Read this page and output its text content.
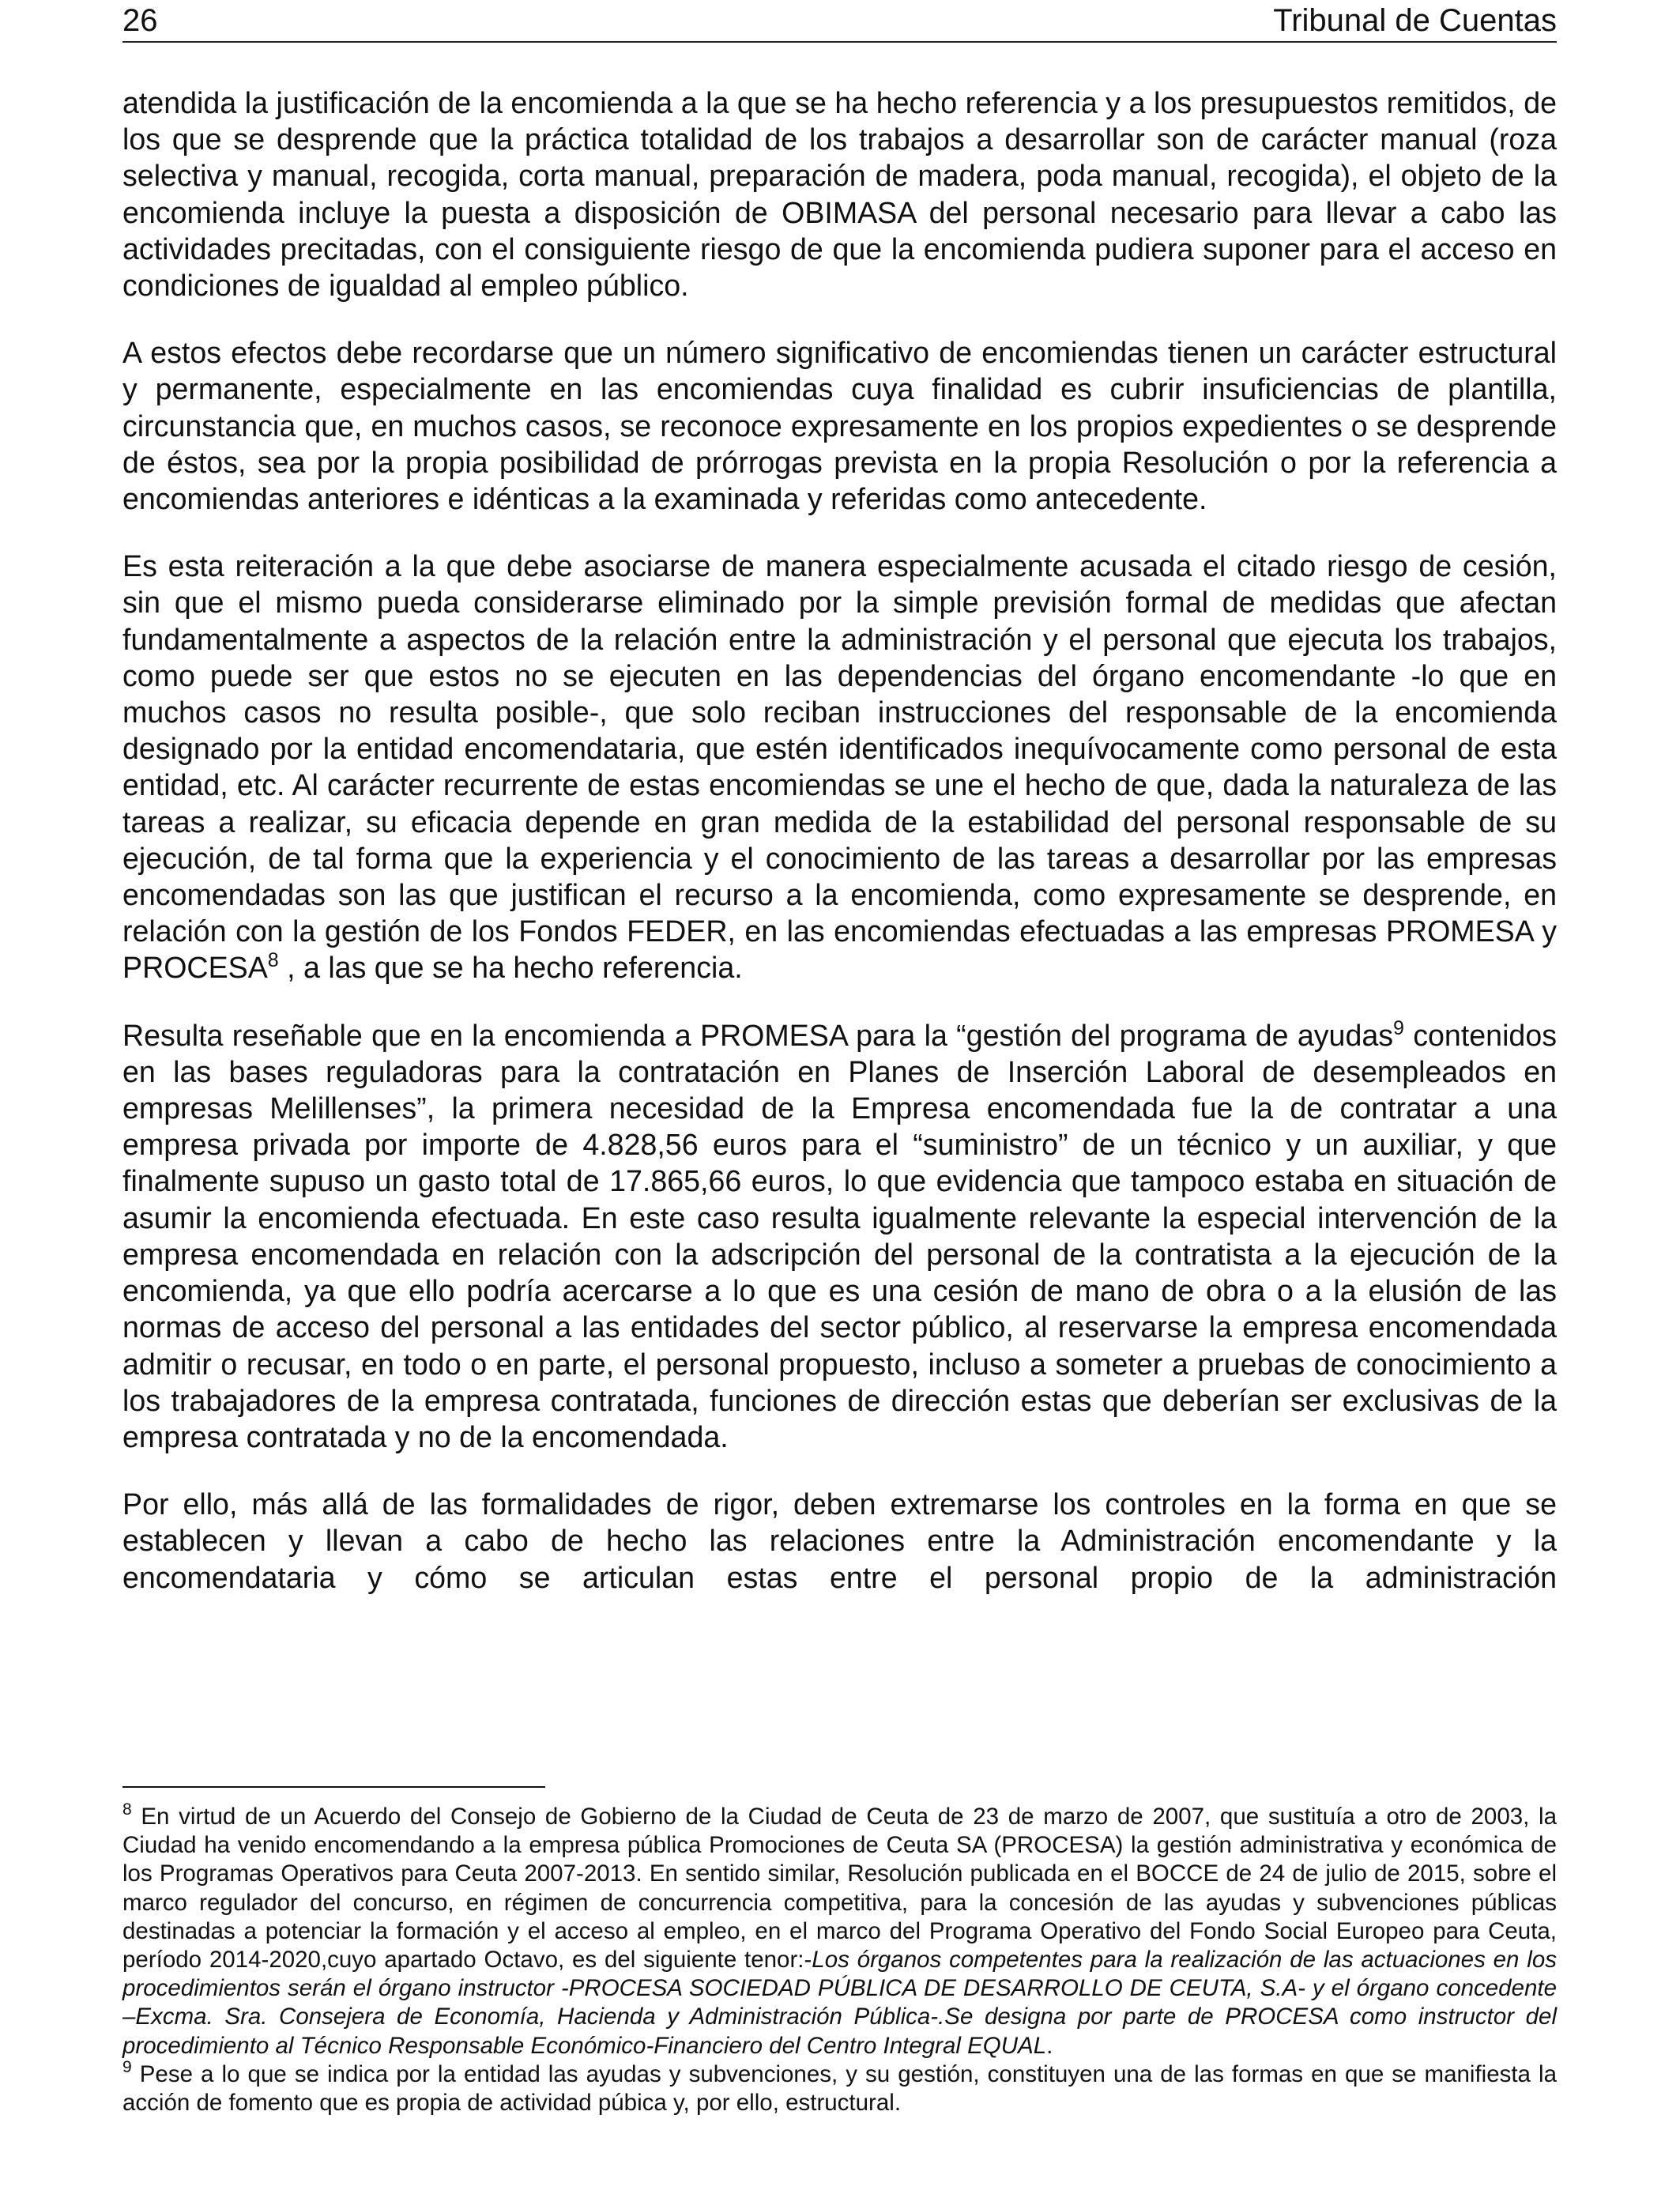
26	Tribunal de Cuentas

atendida la justificación de la encomienda a la que se ha hecho referencia y a los presupuestos remitidos, de los que se desprende que la práctica totalidad de los trabajos a desarrollar son de carácter manual (roza selectiva y manual, recogida, corta manual, preparación de madera, poda manual, recogida), el objeto de la encomienda incluye la puesta a disposición de OBIMASA del personal necesario para llevar a cabo las actividades precitadas, con el consiguiente riesgo de que la encomienda pudiera suponer para el acceso en condiciones de igualdad al empleo público.

A estos efectos debe recordarse que un número significativo de encomiendas tienen un carácter estructural y permanente, especialmente en las encomiendas cuya finalidad es cubrir insuficiencias de plantilla, circunstancia que, en muchos casos, se reconoce expresamente en los propios expedientes o se desprende de éstos, sea por la propia posibilidad de prórrogas prevista en la propia Resolución o por la referencia a encomiendas anteriores e idénticas a la examinada y referidas como antecedente.

Es esta reiteración a la que debe asociarse de manera especialmente acusada el citado riesgo de cesión, sin que el mismo pueda considerarse eliminado por la simple previsión formal de medidas que afectan fundamentalmente a aspectos de la relación entre la administración y el personal que ejecuta los trabajos, como puede ser que estos no se ejecuten en las dependencias del órgano encomendante -lo que en muchos casos no resulta posible-, que solo reciban instrucciones del responsable de la encomienda designado por la entidad encomendataria, que estén identificados inequívocamente como personal de esta entidad, etc. Al carácter recurrente de estas encomiendas se une el hecho de que, dada la naturaleza de las tareas a realizar, su eficacia depende en gran medida de la estabilidad del personal responsable de su ejecución, de tal forma que la experiencia y el conocimiento de las tareas a desarrollar por las empresas encomendadas son las que justifican el recurso a la encomienda, como expresamente se desprende, en relación con la gestión de los Fondos FEDER, en las encomiendas efectuadas a las empresas PROMESA y PROCESA$^8$ , a las que se ha hecho referencia.

Resulta reseñable que en la encomienda a PROMESA para la “gestión del programa de ayudas$^9$ contenidos en las bases reguladoras para la contratación en Planes de Inserción Laboral de desempleados en empresas Melillenses”, la primera necesidad de la Empresa encomendada fue la de contratar a una empresa privada por importe de 4.828,56 euros para el “suministro” de un técnico y un auxiliar, y que finalmente supuso un gasto total de 17.865,66 euros, lo que evidencia que tampoco estaba en situación de asumir la encomienda efectuada. En este caso resulta igualmente relevante la especial intervención de la empresa encomendada en relación con la adscripción del personal de la contratista a la ejecución de la encomienda, ya que ello podría acercarse a lo que es una cesión de mano de obra o a la elusión de las normas de acceso del personal a las entidades del sector público, al reservarse la empresa encomendada admitir o recusar, en todo o en parte, el personal propuesto, incluso a someter a pruebas de conocimiento a los trabajadores de la empresa contratada, funciones de dirección estas que deberían ser exclusivas de la empresa contratada y no de la encomendada.

Por ello, más allá de las formalidades de rigor, deben extremarse los controles en la forma en que se establecen y llevan a cabo de hecho las relaciones entre la Administración encomendante y la encomendataria y cómo se articulan estas entre el personal propio de la administración

$^8$ En virtud de un Acuerdo del Consejo de Gobierno de la Ciudad de Ceuta de 23 de marzo de 2007, que sustituía a otro de 2003, la Ciudad ha venido encomendando a la empresa pública Promociones de Ceuta SA (PROCESA) la gestión administrativa y económica de los Programas Operativos para Ceuta 2007-2013. En sentido similar, Resolución publicada en el BOCCE de 24 de julio de 2015, sobre el marco regulador del concurso, en régimen de concurrencia competitiva, para la concesión de las ayudas y subvenciones públicas destinadas a potenciar la formación y el acceso al empleo, en el marco del Programa Operativo del Fondo Social Europeo para Ceuta, período 2014-2020,cuyo apartado Octavo, es del siguiente tenor:-Los órganos competentes para la realización de las actuaciones en los procedimientos serán el órgano instructor -PROCESA SOCIEDAD PÚBLICA DE DESARROLLO DE CEUTA, S.A- y el órgano concedente –Excma. Sra. Consejera de Economía, Hacienda y Administración Pública-.Se designa por parte de PROCESA como instructor del procedimiento al Técnico Responsable Económico-Financiero del Centro Integral EQUAL.

$^9$ Pese a lo que se indica por la entidad las ayudas y subvenciones, y su gestión, constituyen una de las formas en que se manifiesta la acción de fomento que es propia de actividad púbica y, por ello, estructural.
